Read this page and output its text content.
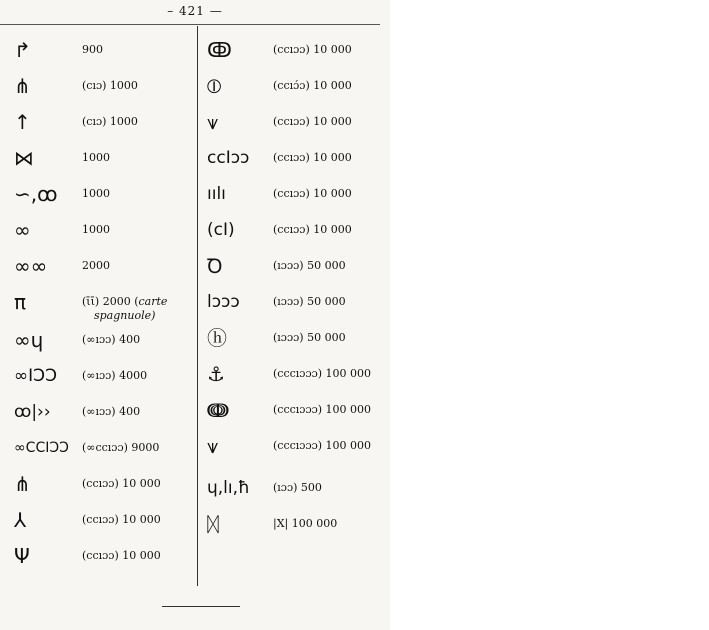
– 421 —
↱	900
⋔	(cıɔ) 1000
↑	(cıɔ) 1000
⋈	1000
∽,ꝏ 1000
∞	1000
∞∞	2000
π	(ῑῑ) 2000 (carte
spagnuole)
∞ɥ	(∞ıɔɔ) 400
∞IƆƆ (∞ıɔɔ) 4000
ꝏ|››	(∞ıɔɔ) 400
∞CCIƆƆ (∞ccıɔɔ) 9000
⋔	(ccıɔɔ) 10 000
⅄	(ccıɔɔ) 10 000
Ψ	(ccıɔɔ) 10 000
ↂ	(ccıɔɔ) 10 000
⦶	(ccıɔ́ɔ) 10 000
⩛	(ccıɔɔ) 10 000
ccIɔɔ (ccıɔɔ) 10 000
ıılı	(ccıɔɔ) 10 000
(cI)	(ccıɔɔ) 10 000
Ꝺ	(ıɔɔɔ) 50 000
lɔɔɔ	(ıɔɔɔ) 50 000
ⓗ	(ıɔɔɔ) 50 000
⚓	(cccıɔɔɔ) 100 000
ↈ	(cccıɔɔɔ) 100 000
⩛	(cccıɔɔɔ) 100 000
ɥ,lı,ħ (ıɔɔ) 500
ᛞ	|X| 100 000
